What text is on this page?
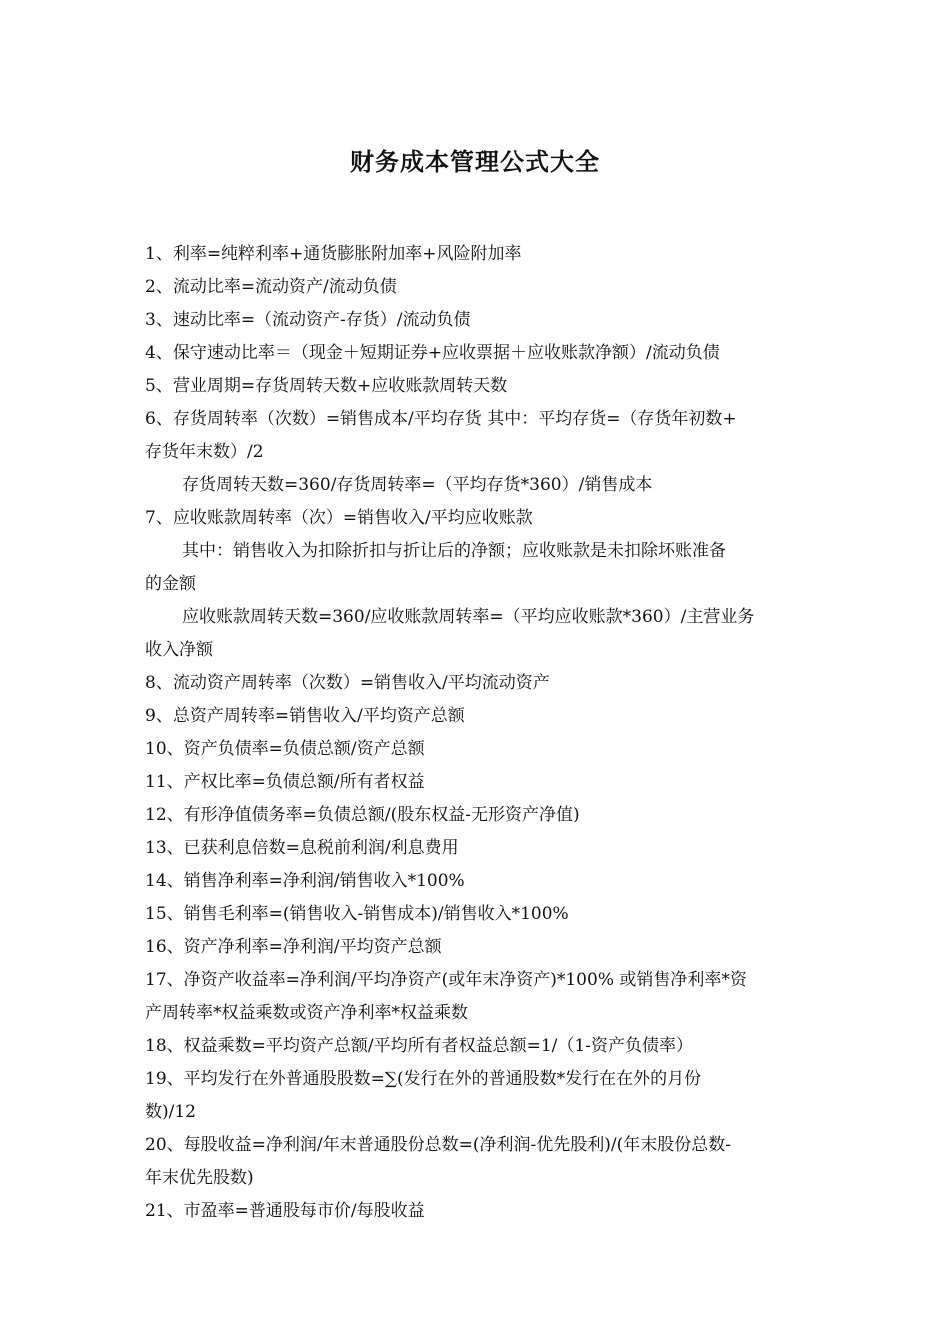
财务成本管理公式大全
1、利率=纯粹利率+通货膨胀附加率+风险附加率
2、流动比率=流动资产/流动负债
3、速动比率=（流动资产-存货）/流动负债
4、保守速动比率＝（现金＋短期证券+应收票据＋应收账款净额）/流动负债
5、营业周期=存货周转天数+应收账款周转天数
6、存货周转率（次数）=销售成本/平均存货 其中：平均存货=（存货年初数+
存货年末数）/2
存货周转天数=360/存货周转率=（平均存货*360）/销售成本
7、应收账款周转率（次）=销售收入/平均应收账款
其中：销售收入为扣除折扣与折让后的净额；应收账款是未扣除坏账准备
的金额
应收账款周转天数=360/应收账款周转率=（平均应收账款*360）/主营业务
收入净额
8、流动资产周转率（次数）=销售收入/平均流动资产
9、总资产周转率=销售收入/平均资产总额
10、资产负债率=负债总额/资产总额
11、产权比率=负债总额/所有者权益
12、有形净值债务率=负债总额/(股东权益-无形资产净值)
13、已获利息倍数=息税前利润/利息费用
14、销售净利率=净利润/销售收入*100%
15、销售毛利率=(销售收入-销售成本)/销售收入*100%
16、资产净利率=净利润/平均资产总额
17、净资产收益率=净利润/平均净资产(或年末净资产)*100% 或销售净利率*资
产周转率*权益乘数或资产净利率*权益乘数
18、权益乘数=平均资产总额/平均所有者权益总额=1/（1-资产负债率）
19、平均发行在外普通股股数=∑(发行在外的普通股数*发行在在外的月份
数)/12
20、每股收益=净利润/年末普通股份总数=(净利润-优先股利)/(年末股份总数-
年末优先股数)
21、市盈率=普通股每市价/每股收益
